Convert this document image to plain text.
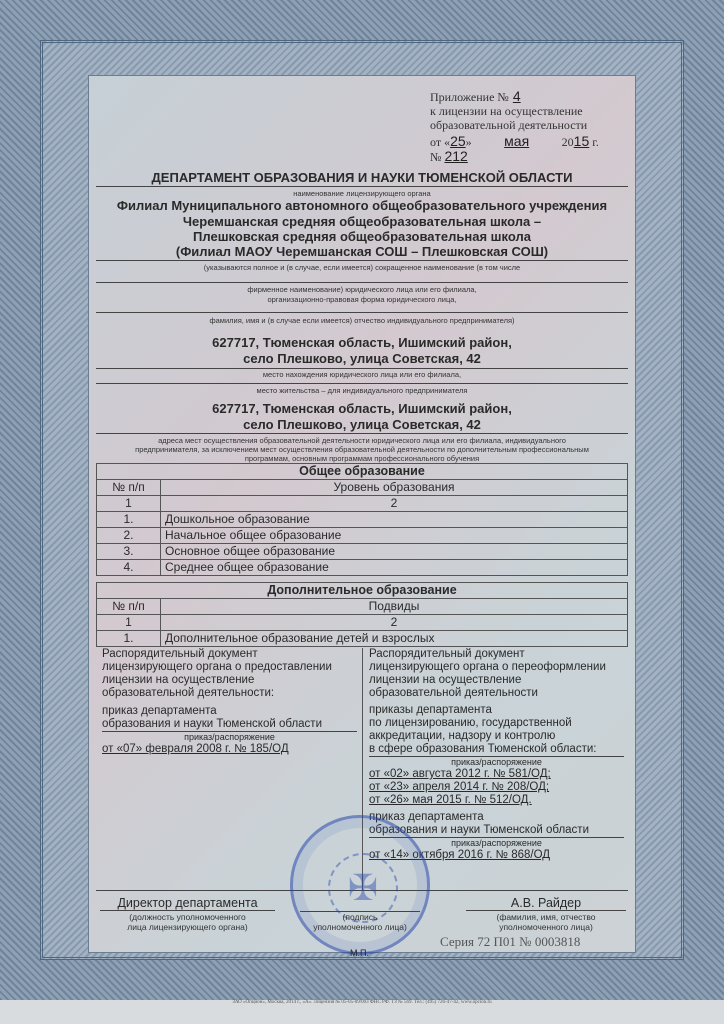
Приложение № 4
к лицензии на осуществление
образовательной деятельности
от «25» мая	2015 г.
№ 212
ДЕПАРТАМЕНТ ОБРАЗОВАНИЯ И НАУКИ ТЮМЕНСКОЙ ОБЛАСТИ
наименование лицензирующего органа
Филиал Муниципального автономного общеобразовательного учреждения
Черемшанская средняя общеобразовательная школа –
Плешковская средняя общеобразовательная школа
(Филиал МАОУ Черемшанская СОШ – Плешковская СОШ)
(указываются полное и (в случае, если имеется) сокращенное наименование (в том числе
фирменное наименование) юридического лица или его филиала,
организационно-правовая форма юридического лица,
фамилия, имя и (в случае если имеется) отчество индивидуального предпринимателя)
627717, Тюменская область, Ишимский район,
село Плешково, улица Советская, 42
место нахождения юридического лица или его филиала,
место жительства – для индивидуального предпринимателя
627717, Тюменская область, Ишимский район,
село Плешково, улица Советская, 42
адреса мест осуществления образовательной деятельности юридического лица или его филиала, индивидуального
предпринимателя, за исключением мест осуществления образовательной деятельности по дополнительным профессиональным
программам, основным программам профессионального обучения
Общее образование	
№ п/п	Уровень образования
1	2
1.	Дошкольное образование
2.	Начальное общее образование
3.	Основное общее образование
4.	Среднее общее образование
Дополнительное образование	
№ п/п	Подвиды
1	2
1.	Дополнительное образование детей и взрослых
Распорядительный документ
лицензирующего органа о предоставлении
лицензии на осуществление
образовательной деятельности:
приказ департамента
образования и науки Тюменской области
приказ/распоряжение
от «07» февраля 2008 г. № 185/ОД
Распорядительный документ
лицензирующего органа о переоформлении
лицензии на осуществление
образовательной деятельности
приказы департамента
по лицензированию, государственной
аккредитации, надзору и контролю
в сфере образования Тюменской области:
приказ/распоряжение
от «02» августа 2012 г. № 581/ОД;
от «23» апреля 2014 г. № 208/ОД;
от «26» мая 2015 г. № 512/ОД.
приказ департамента
образования и науки Тюменской области
приказ/распоряжение
от «14» октября 2016 г. № 868/ОД
✠
Директор департамента
(должность уполномоченного
лица лицензирующего органа)
(подпись
уполномоченного лица)
А.В. Райдер
(фамилия, имя, отчество
уполномоченного лица)
Серия 72 П01 № 0003818
М.П.
ЗАО «Опцион», Москва, 2014 г., «А». Лицензия № 05-05-09/003 ФНС РФ. ТЗ № 569. Тел.: (495) 726-47-42, www.opcion.ru
